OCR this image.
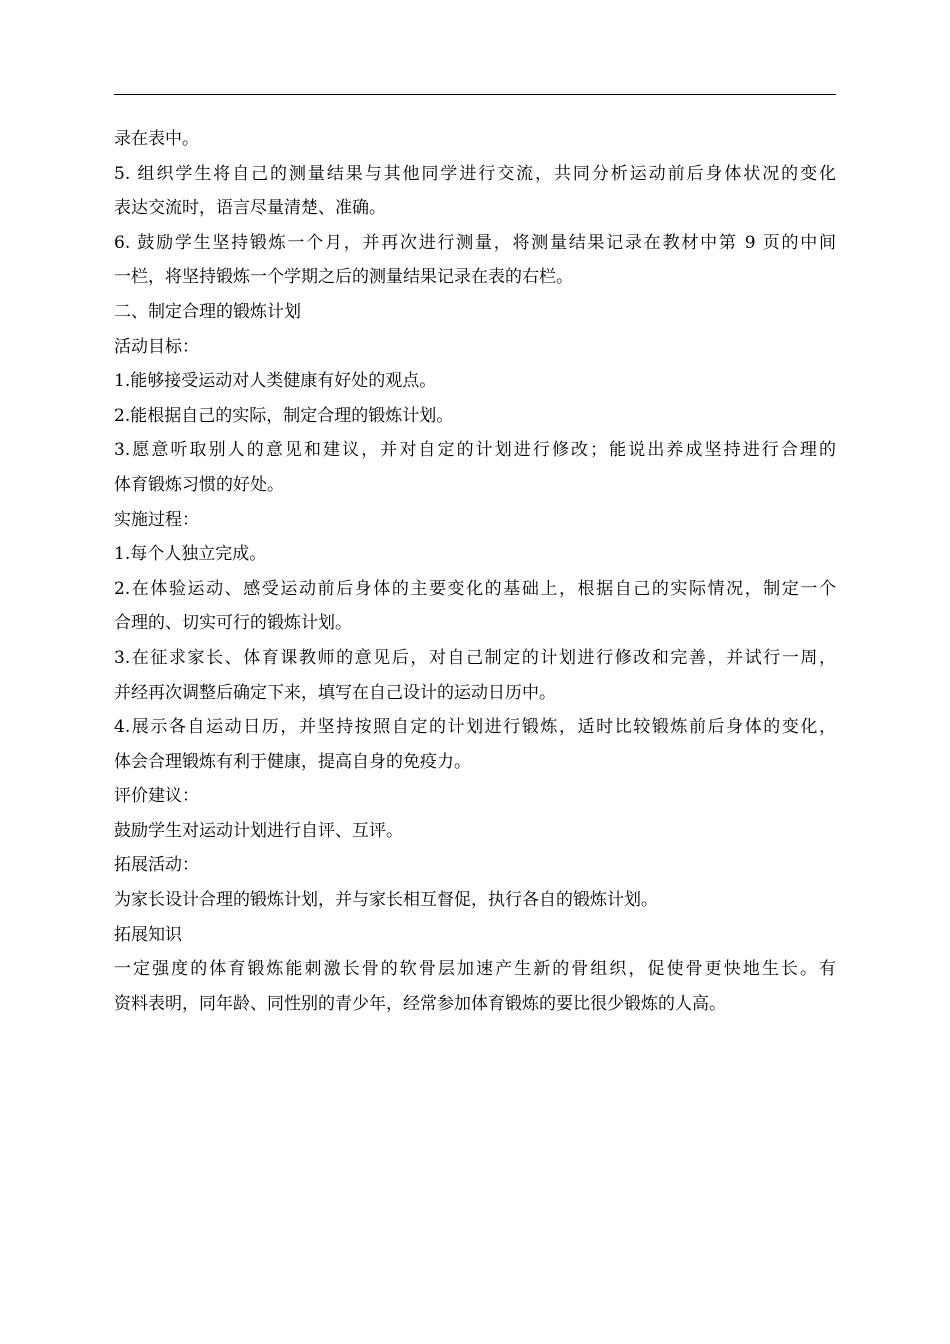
录在表中。
5. 组织学生将自己的测量结果与其他同学进行交流，共同分析运动前后身体状况的变化
表达交流时，语言尽量清楚、准确。
6. 鼓励学生坚持锻炼一个月，并再次进行测量，将测量结果记录在教材中第 9 页的中间
一栏，将坚持锻炼一个学期之后的测量结果记录在表的右栏。
二、制定合理的锻炼计划
活动目标：
1.能够接受运动对人类健康有好处的观点。
2.能根据自己的实际，制定合理的锻炼计划。
3.愿意听取别人的意见和建议，并对自定的计划进行修改；能说出养成坚持进行合理的
体育锻炼习惯的好处。
实施过程：
1.每个人独立完成。
2.在体验运动、感受运动前后身体的主要变化的基础上，根据自己的实际情况，制定一个
合理的、切实可行的锻炼计划。
3.在征求家长、体育课教师的意见后，对自己制定的计划进行修改和完善，并试行一周，
并经再次调整后确定下来，填写在自己设计的运动日历中。
4.展示各自运动日历，并坚持按照自定的计划进行锻炼，适时比较锻炼前后身体的变化，
体会合理锻炼有利于健康，提高自身的免疫力。
评价建议：
鼓励学生对运动计划进行自评、互评。
拓展活动：
为家长设计合理的锻炼计划，并与家长相互督促，执行各自的锻炼计划。
拓展知识
一定强度的体育锻炼能刺激长骨的软骨层加速产生新的骨组织，促使骨更快地生长。有
资料表明，同年龄、同性别的青少年，经常参加体育锻炼的要比很少锻炼的人高。
